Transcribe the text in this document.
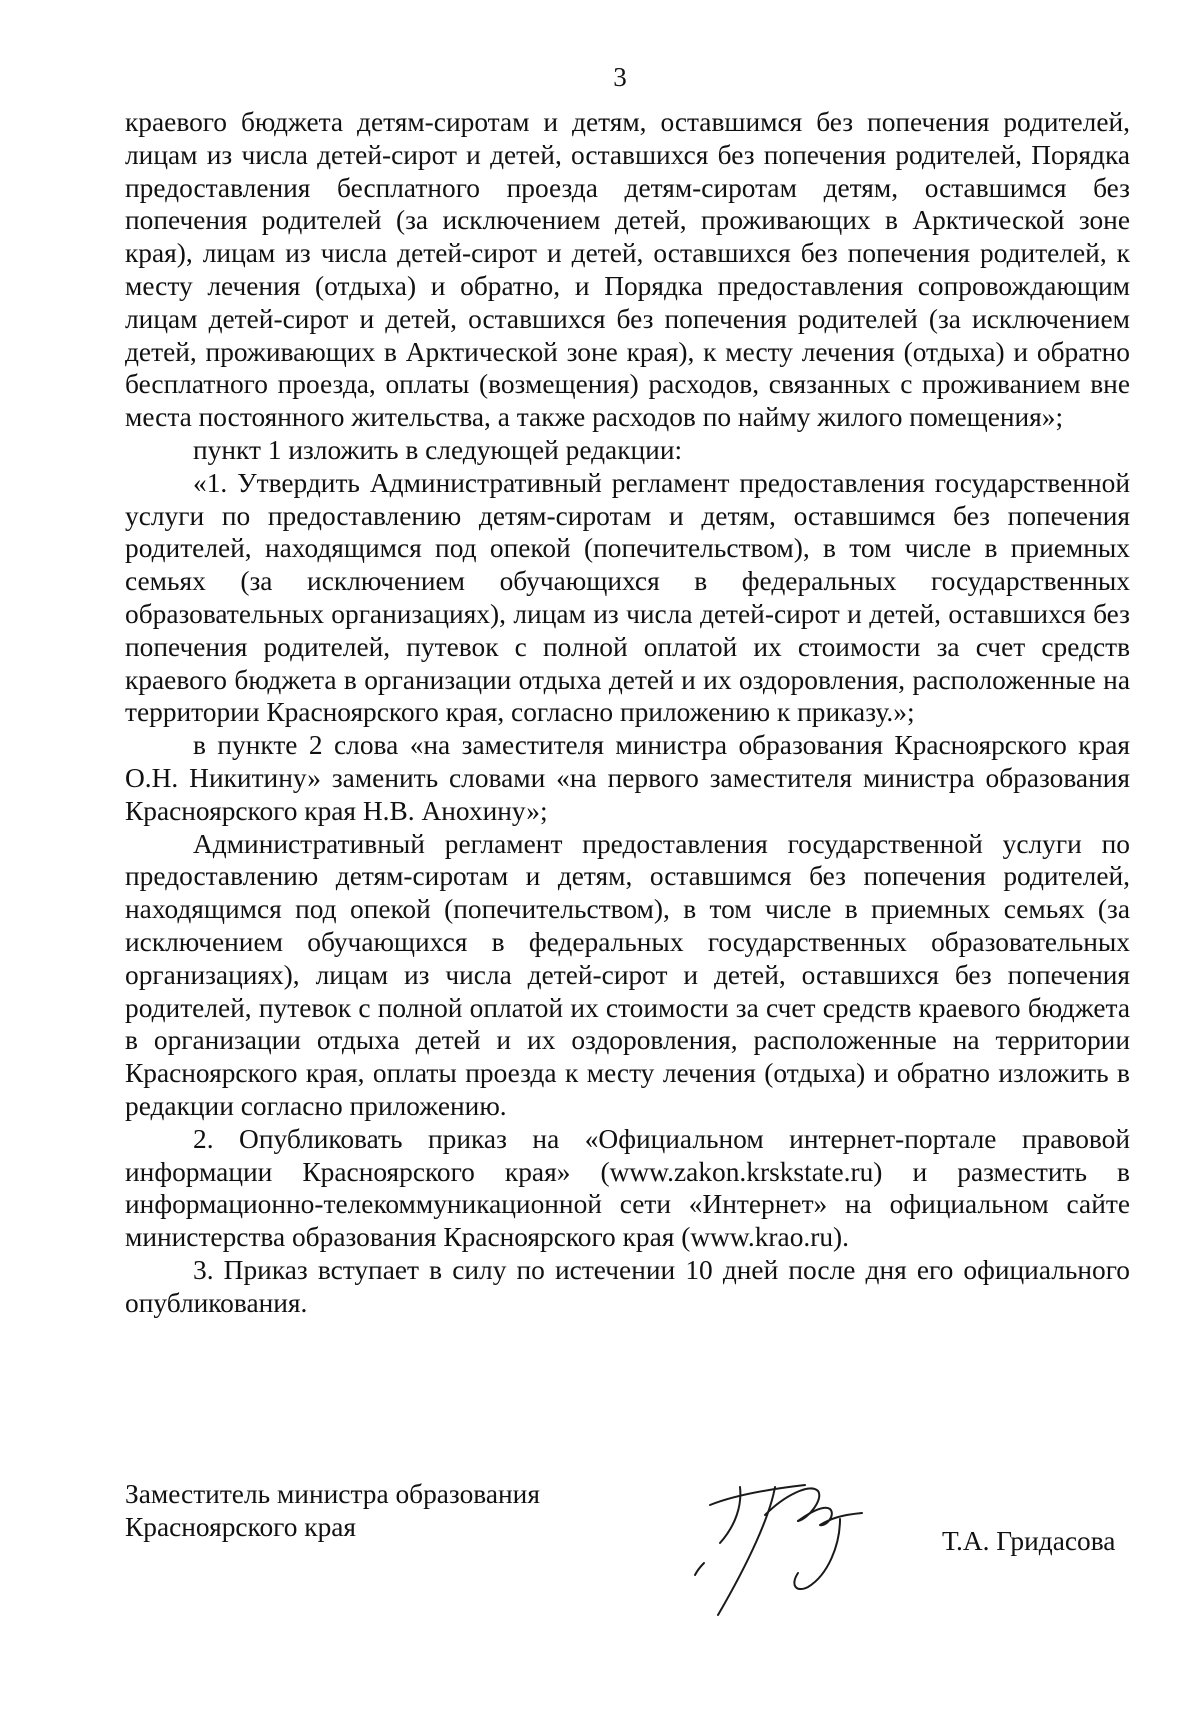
3

краевого бюджета детям-сиротам и детям, оставшимся без попечения родителей, лицам из числа детей-сирот и детей, оставшихся без попечения родителей, Порядка предоставления бесплатного проезда детям-сиротам детям, оставшимся без попечения родителей (за исключением детей, проживающих в Арктической зоне края), лицам из числа детей-сирот и детей, оставшихся без попечения родителей, к месту лечения (отдыха) и обратно, и Порядка предоставления сопровождающим лицам детей-сирот и детей, оставшихся без попечения родителей (за исключением детей, проживающих в Арктической зоне края), к месту лечения (отдыха) и обратно бесплатного проезда, оплаты (возмещения) расходов, связанных с проживанием вне места постоянного жительства, а также расходов по найму жилого помещения»;

пункт 1 изложить в следующей редакции:

«1. Утвердить Административный регламент предоставления государственной услуги по предоставлению детям-сиротам и детям, оставшимся без попечения родителей, находящимся под опекой (попечительством), в том числе в приемных семьях (за исключением обучающихся в федеральных государственных образовательных организациях), лицам из числа детей-сирот и детей, оставшихся без попечения родителей, путевок с полной оплатой их стоимости за счет средств краевого бюджета в организации отдыха детей и их оздоровления, расположенные на территории Красноярского края, согласно приложению к приказу.»;

в пункте 2 слова «на заместителя министра образования Красноярского края О.Н. Никитину» заменить словами «на первого заместителя министра образования Красноярского края Н.В. Анохину»;

Административный регламент предоставления государственной услуги по предоставлению детям-сиротам и детям, оставшимся без попечения родителей, находящимся под опекой (попечительством), в том числе в приемных семьях (за исключением обучающихся в федеральных государственных образовательных организациях), лицам из числа детей-сирот и детей, оставшихся без попечения родителей, путевок с полной оплатой их стоимости за счет средств краевого бюджета в организации отдыха детей и их оздоровления, расположенные на территории Красноярского края, оплаты проезда к месту лечения (отдыха) и обратно изложить в редакции согласно приложению.

2. Опубликовать приказ на «Официальном интернет-портале правовой информации Красноярского края» (www.zakon.krskstate.ru) и разместить в информационно-телекоммуникационной сети «Интернет» на официальном сайте министерства образования Красноярского края (www.krao.ru).

3. Приказ вступает в силу по истечении 10 дней после дня его официального опубликования.

Заместитель министра образования
Красноярского края	Т.А. Гридасова
